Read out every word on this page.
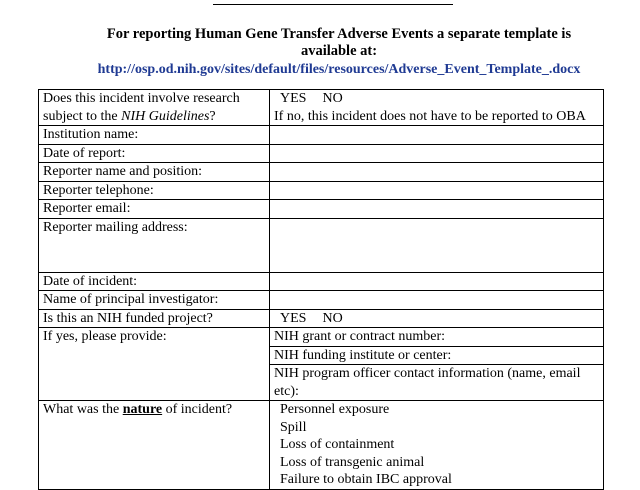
For reporting Human Gene Transfer Adverse Events a separate template is
available at:
http://osp.od.nih.gov/sites/default/files/resources/Adverse_Event_Template_.docx
Does this incident involve research subject to the NIH Guidelines?	YES NO
If no, this incident does not have to be reported to OBA

Institution name:	
Date of report:	
Reporter name and position:	
Reporter telephone:	
Reporter email:	
Reporter mailing address:	
Date of incident:	
Name of principal investigator:	
Is this an NIH funded project?	YES NO

If yes, please provide:	NIH grant or contract number:
NIH funding institute or center:
NIH program officer contact information (name, email etc):

What was the nature of incident?	Personnel exposure
Spill
Loss of containment
Loss of transgenic animal
Failure to obtain IBC approval
